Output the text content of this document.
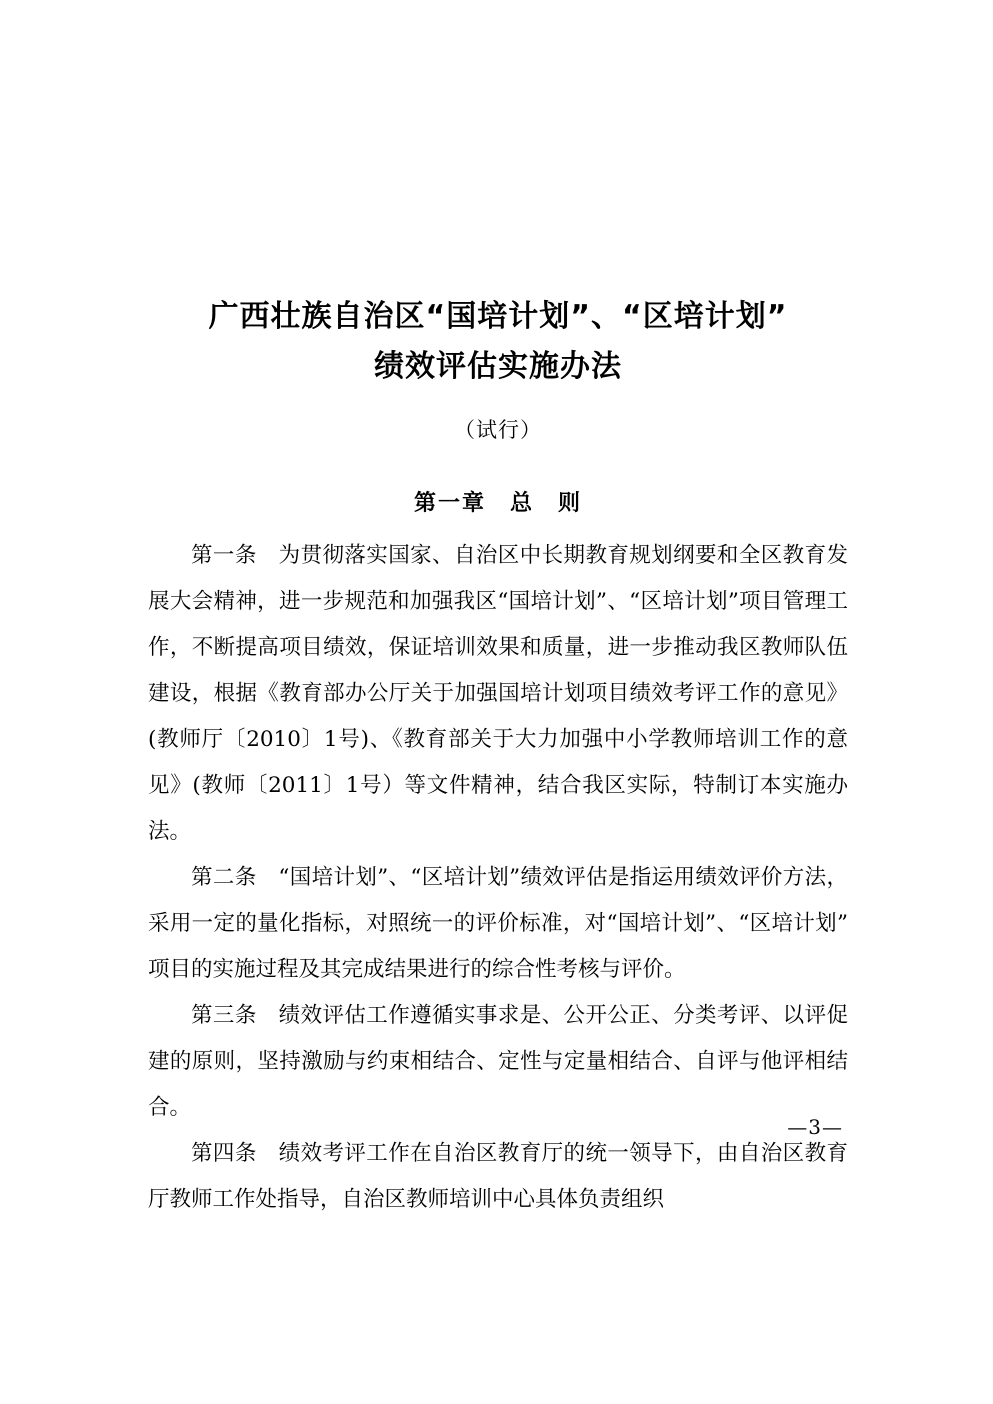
广西壮族自治区“国培计划”、“区培计划”
绩效评估实施办法
（试行）
第一章　总　则

第一条　为贯彻落实国家、自治区中长期教育规划纲要和全区教育发展大会精神，进一步规范和加强我区“国培计划”、“区培计划”项目管理工作，不断提高项目绩效，保证培训效果和质量，进一步推动我区教师队伍建设，根据《教育部办公厅关于加强国培计划项目绩效考评工作的意见》(教师厅〔2010〕1号)、《教育部关于大力加强中小学教师培训工作的意见》(教师〔2011〕1号）等文件精神，结合我区实际，特制订本实施办法。

第二条　“国培计划”、“区培计划”绩效评估是指运用绩效评价方法，采用一定的量化指标，对照统一的评价标准，对“国培计划”、“区培计划”项目的实施过程及其完成结果进行的综合性考核与评价。

第三条　绩效评估工作遵循实事求是、公开公正、分类考评、以评促建的原则，坚持激励与约束相结合、定性与定量相结合、自评与他评相结合。

第四条　绩效考评工作在自治区教育厅的统一领导下，由自治区教育厅教师工作处指导，自治区教师培训中心具体负责组织

—3—
